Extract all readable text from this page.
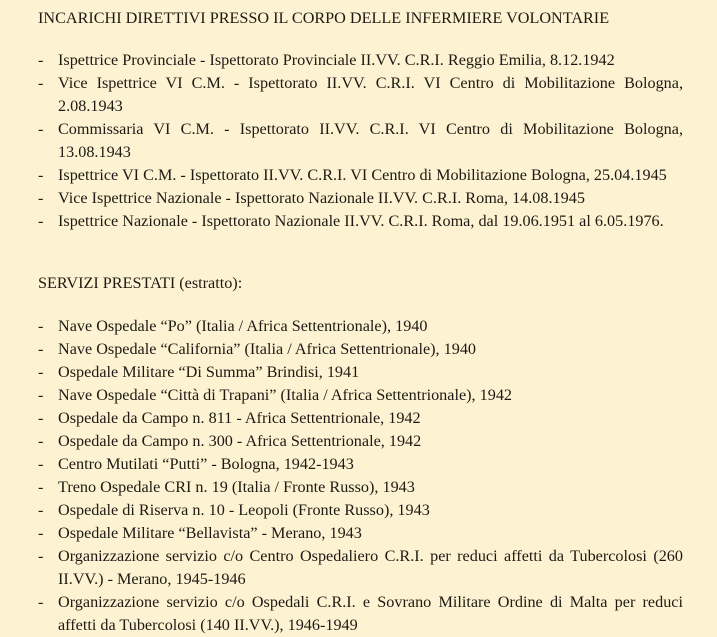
INCARICHI DIRETTIVI PRESSO IL CORPO DELLE INFERMIERE VOLONTARIE
- Ispettrice Provinciale - Ispettorato Provinciale II.VV. C.R.I. Reggio Emilia, 8.12.1942
- Vice Ispettrice VI C.M. - Ispettorato II.VV. C.R.I. VI Centro di Mobilitazione Bologna, 2.08.1943
- Commissaria VI C.M. - Ispettorato II.VV. C.R.I. VI Centro di Mobilitazione Bologna, 13.08.1943
- Ispettrice VI C.M. - Ispettorato II.VV. C.R.I. VI Centro di Mobilitazione Bologna, 25.04.1945
- Vice Ispettrice Nazionale - Ispettorato Nazionale II.VV. C.R.I. Roma, 14.08.1945
- Ispettrice Nazionale - Ispettorato Nazionale II.VV. C.R.I. Roma, dal 19.06.1951 al 6.05.1976.
SERVIZI PRESTATI (estratto):
- Nave Ospedale “Po” (Italia / Africa Settentrionale), 1940
- Nave Ospedale “California” (Italia / Africa Settentrionale), 1940
- Ospedale Militare “Di Summa” Brindisi, 1941
- Nave Ospedale “Città di Trapani” (Italia / Africa Settentrionale), 1942
- Ospedale da Campo n. 811 - Africa Settentrionale, 1942
- Ospedale da Campo n. 300 - Africa Settentrionale, 1942
- Centro Mutilati “Putti” - Bologna, 1942-1943
- Treno Ospedale CRI n. 19 (Italia / Fronte Russo), 1943
- Ospedale di Riserva n. 10 - Leopoli (Fronte Russo), 1943
- Ospedale Militare “Bellavista” - Merano, 1943
- Organizzazione servizio c/o Centro Ospedaliero C.R.I. per reduci affetti da Tubercolosi (260 II.VV.) - Merano, 1945-1946
- Organizzazione servizio c/o Ospedali C.R.I. e Sovrano Militare Ordine di Malta per reduci affetti da Tubercolosi (140 II.VV.), 1946-1949
